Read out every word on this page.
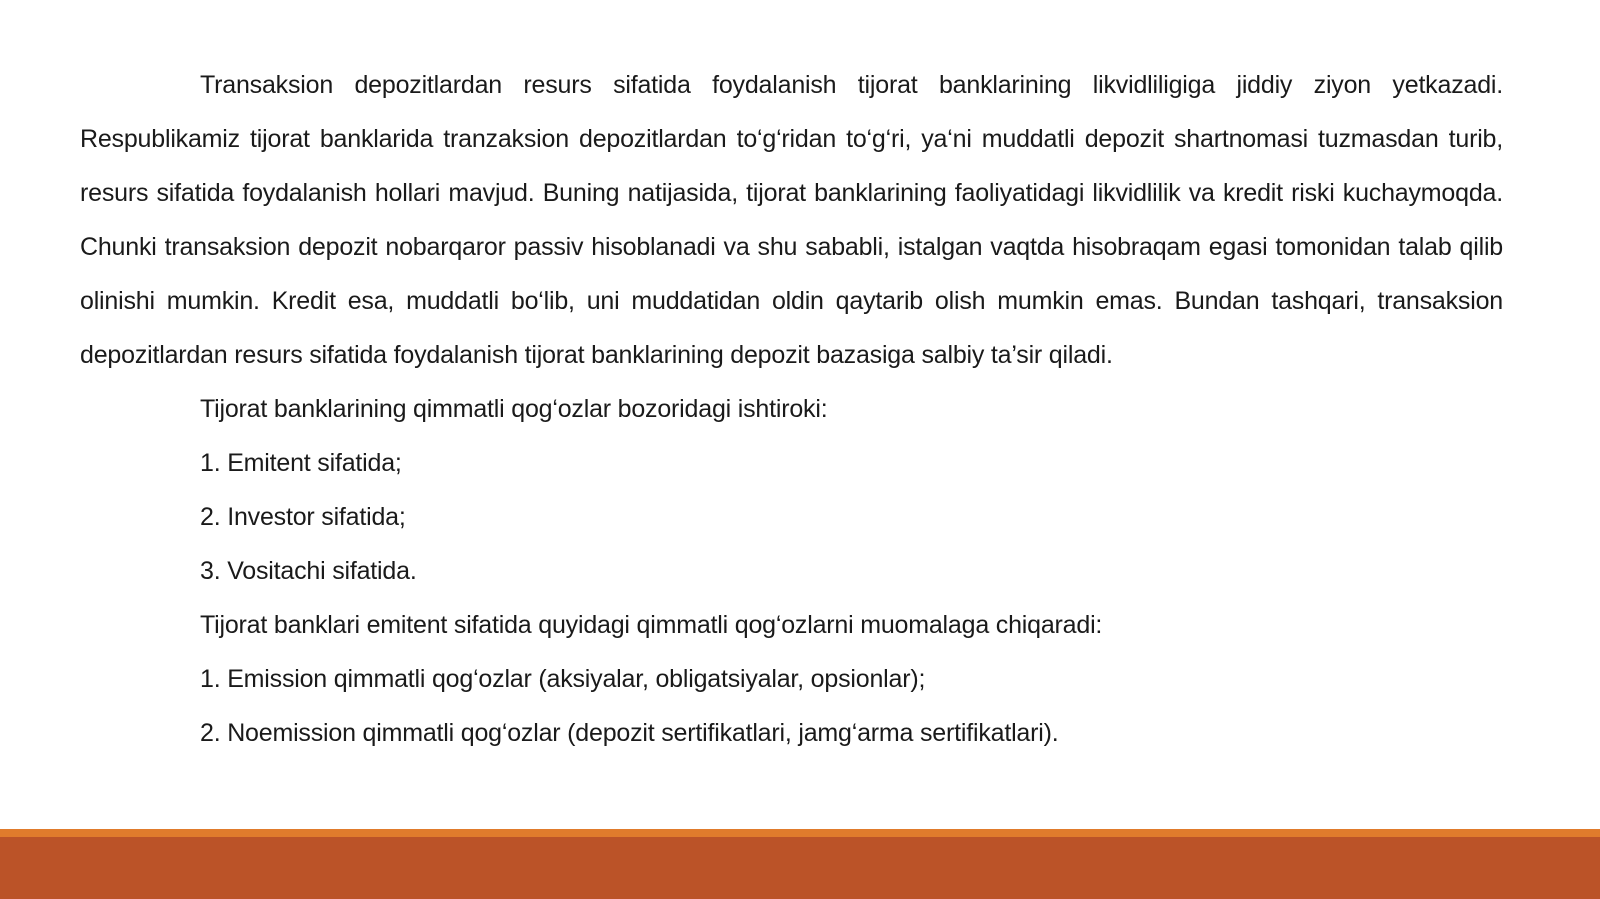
Transaksion depozitlardan resurs sifatida foydalanish tijorat banklarining likvidliligiga jiddiy ziyon yetkazadi. Respublikamiz tijorat banklarida tranzaksion depozitlardan to‘g‘ridan to‘g‘ri, ya‘ni muddatli depozit shartnomasi tuzmasdan turib, resurs sifatida foydalanish hollari mavjud. Buning natijasida, tijorat banklarining faoliyatidagi likvidlilik va kredit riski kuchaymoqda. Chunki transaksion depozit nobarqaror passiv hisoblanadi va shu sababli, istalgan vaqtda hisobraqam egasi tomonidan talab qilib olinishi mumkin. Kredit esa, muddatli bo‘lib, uni muddatidan oldin qaytarib olish mumkin emas. Bundan tashqari, transaksion depozitlardan resurs sifatida foydalanish tijorat banklarining depozit bazasiga salbiy ta’sir qiladi.

Tijorat banklarining qimmatli qog‘ozlar bozoridagi ishtiroki:

1. Emitent sifatida;

2. Investor sifatida;

3. Vositachi sifatida.

Tijorat banklari emitent sifatida quyidagi qimmatli qog‘ozlarni muomalaga chiqaradi:

1. Emission qimmatli qog‘ozlar (aksiyalar, obligatsiyalar, opsionlar);

2. Noemission qimmatli qog‘ozlar (depozit sertifikatlari, jamg‘arma sertifikatlari).
